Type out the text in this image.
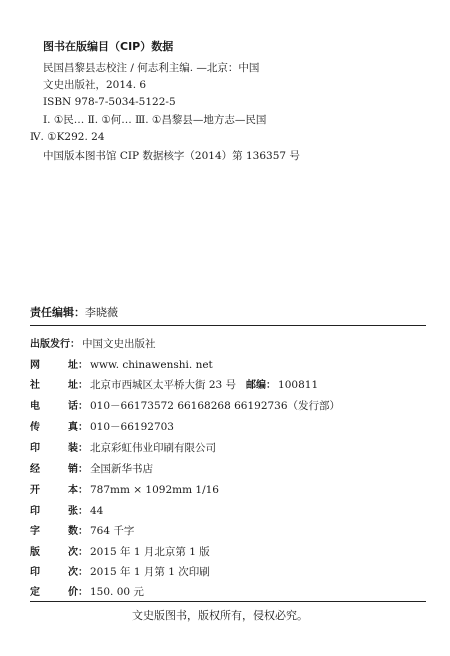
图书在版编目（CIP）数据
民国昌黎县志校注 / 何志利主编. —北京：中国
文史出版社，2014. 6
ISBN 978-7-5034-5122-5
Ⅰ. ①民… Ⅱ. ①何… Ⅲ. ①昌黎县—地方志—民国
Ⅳ. ①K292. 24
中国版本图书馆 CIP 数据核字（2014）第 136357 号
责任编辑：李晓薇
出版发行： 中国文史出版社
网	址： www. chinawenshi. net
社	址： 北京市西城区太平桥大街 23 号 邮编： 100811
电	话： 010－66173572 66168268 66192736（发行部）
传	真： 010－66192703
印	装： 北京彩虹伟业印刷有限公司
经	销： 全国新华书店
开	本： 787mm × 1092mm 1/16
印	张： 44
字	数： 764 千字
版	次： 2015 年 1 月北京第 1 版
印	次： 2015 年 1 月第 1 次印刷
定	价： 150. 00 元
文史版图书，版权所有，侵权必究。
